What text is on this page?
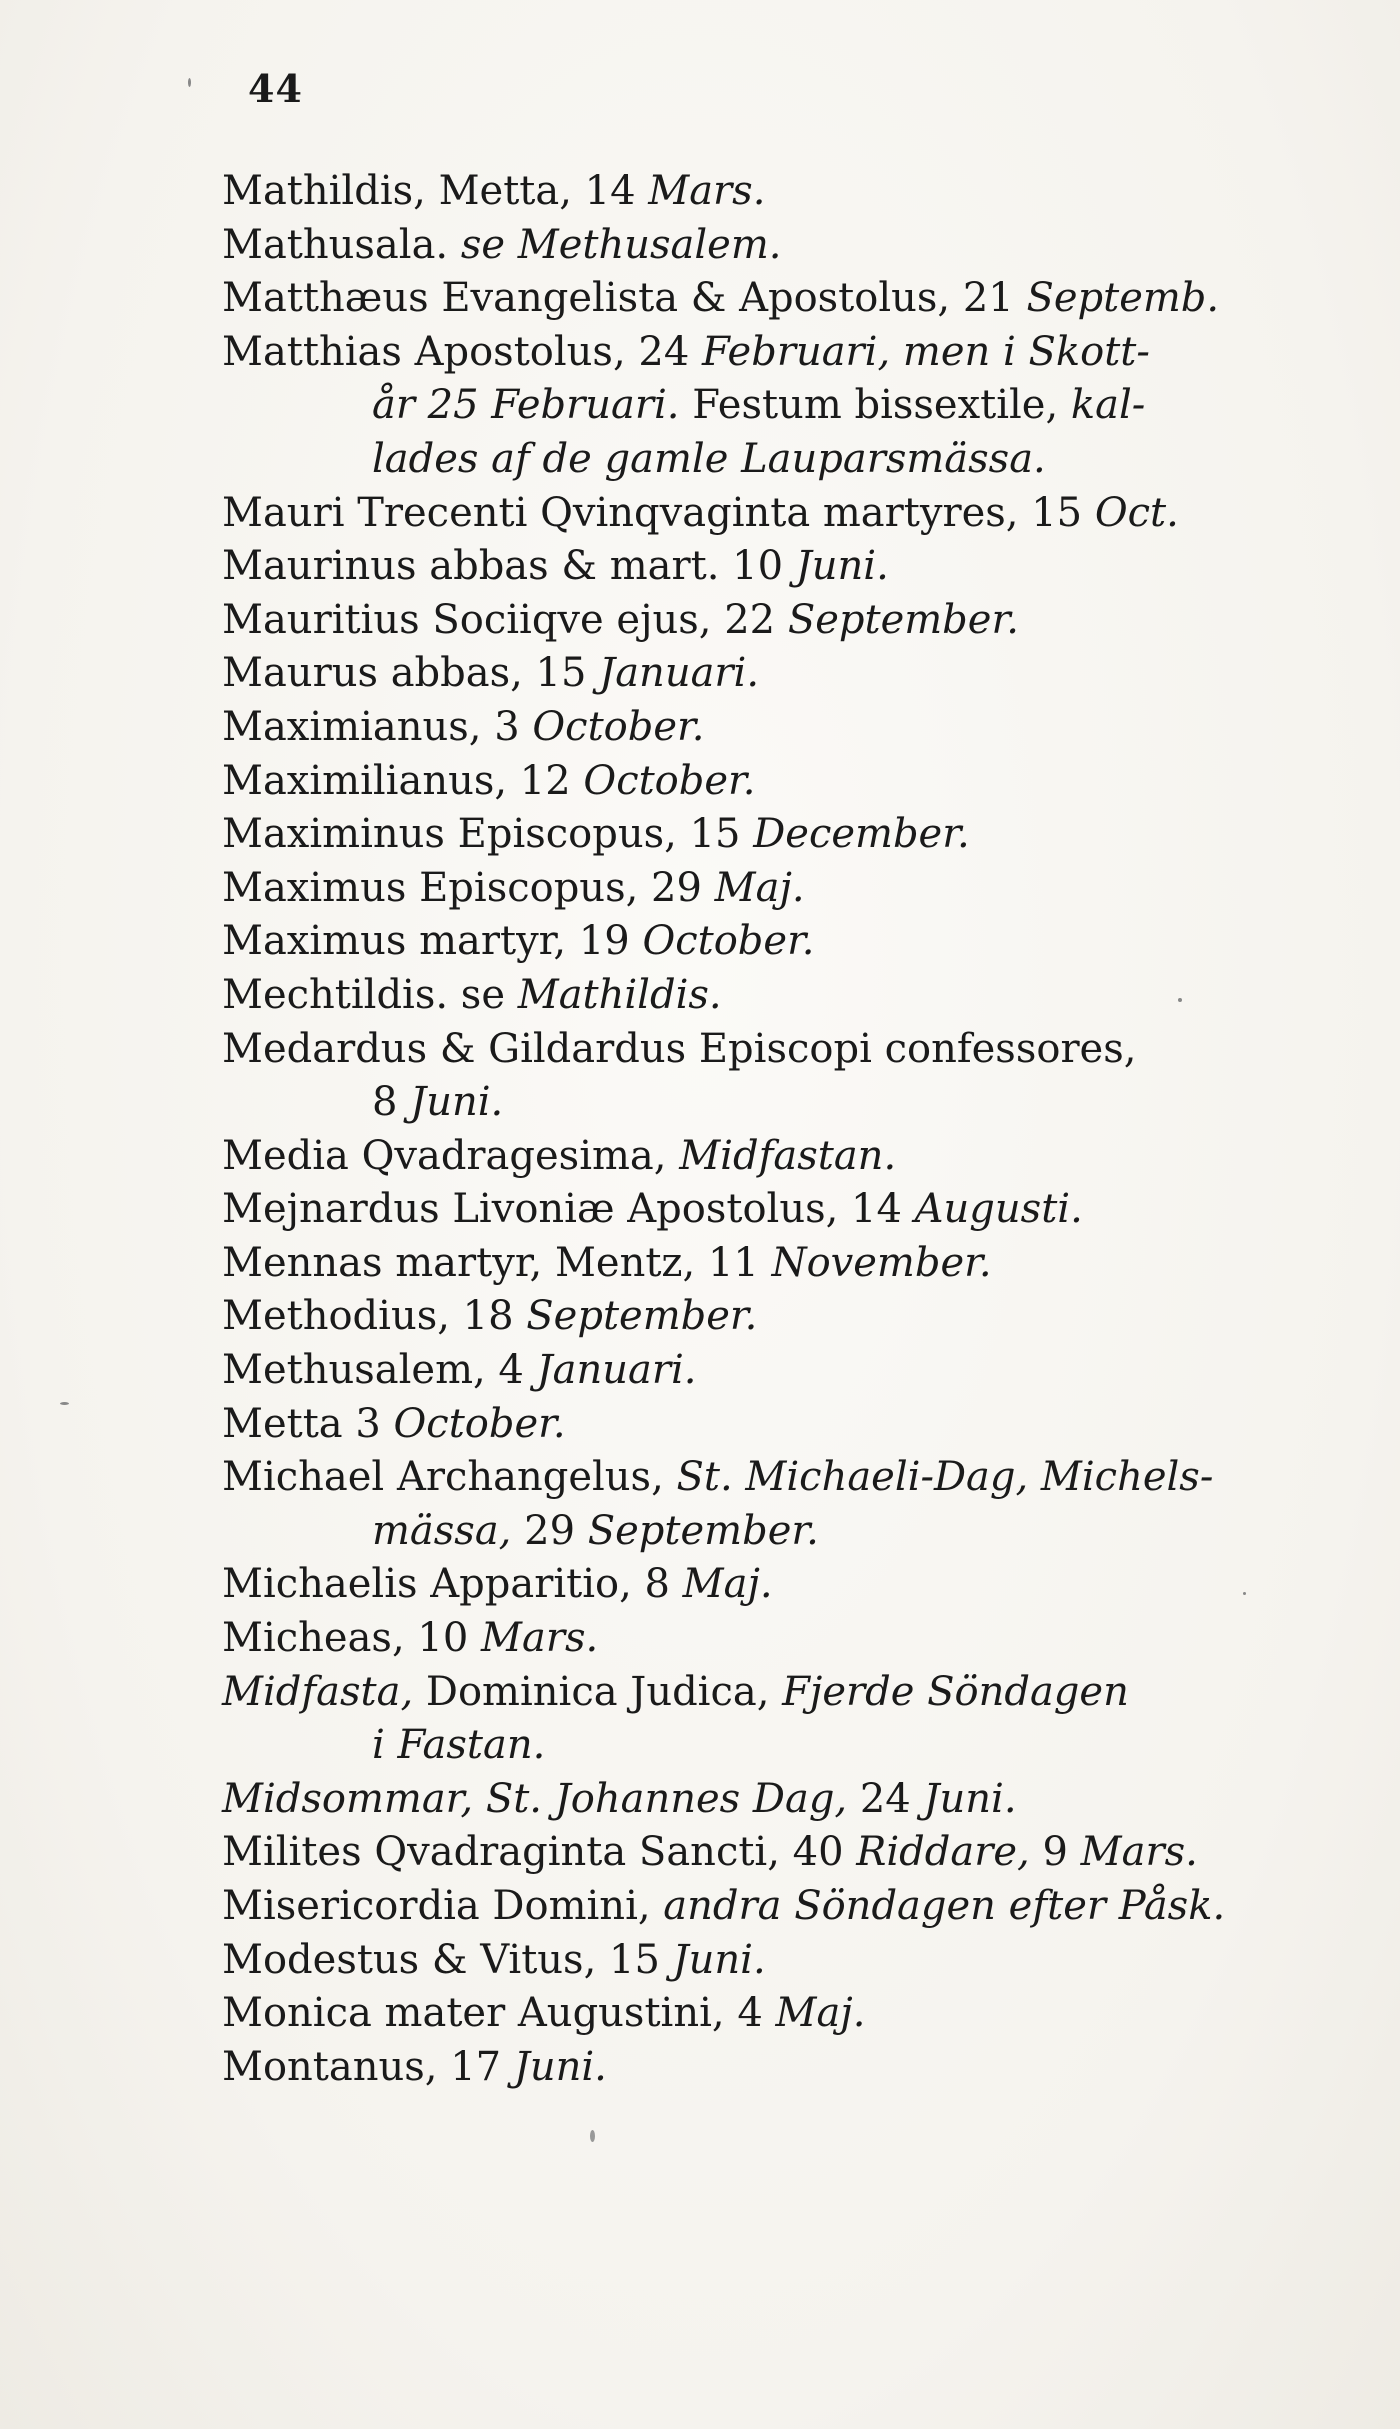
44
Mathildis, Metta, 14 Mars.
Mathusala. se Methusalem.
Matthæus Evangelista & Apostolus, 21 Septemb.
Matthias Apostolus, 24 Februari, men i Skott-
år 25 Februari. Festum bissextile, kal-
lades af de gamle Lauparsmässa.
Mauri Trecenti Qvinqvaginta martyres, 15 Oct.
Maurinus abbas & mart. 10 Juni.
Mauritius Sociiqve ejus, 22 September.
Maurus abbas, 15 Januari.
Maximianus, 3 October.
Maximilianus, 12 October.
Maximinus Episcopus, 15 December.
Maximus Episcopus, 29 Maj.
Maximus martyr, 19 October.
Mechtildis. se Mathildis.
Medardus & Gildardus Episcopi confessores,
8 Juni.
Media Qvadragesima, Midfastan.
Mejnardus Livoniæ Apostolus, 14 Augusti.
Mennas martyr, Mentz, 11 November.
Methodius, 18 September.
Methusalem, 4 Januari.
Metta 3 October.
Michael Archangelus, St. Michaeli-Dag, Michels-
mässa, 29 September.
Michaelis Apparitio, 8 Maj.
Micheas, 10 Mars.
Midfasta, Dominica Judica, Fjerde Söndagen
i Fastan.
Midsommar, St. Johannes Dag, 24 Juni.
Milites Qvadraginta Sancti, 40 Riddare, 9 Mars.
Misericordia Domini, andra Söndagen efter Påsk.
Modestus & Vitus, 15 Juni.
Monica mater Augustini, 4 Maj.
Montanus, 17 Juni.
